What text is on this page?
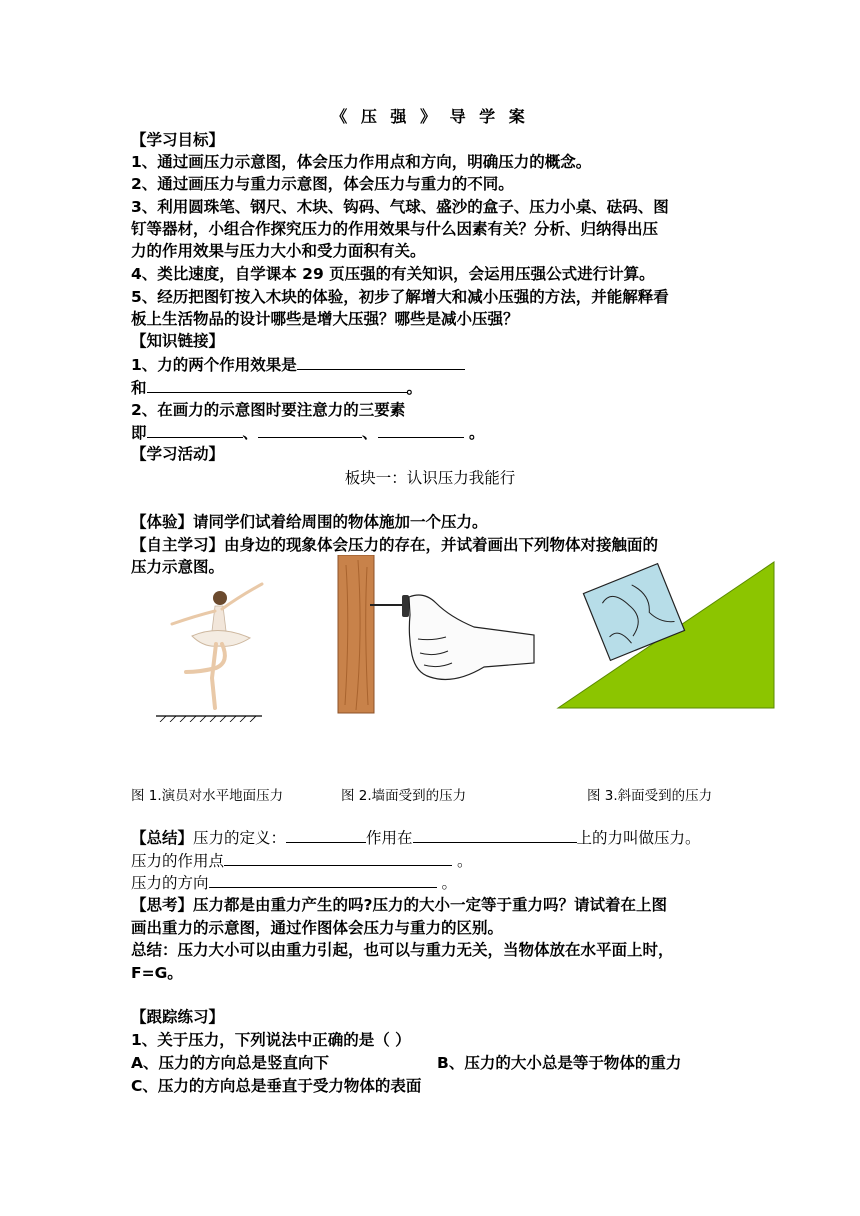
《 压 强 》 导 学 案
【学习目标】
1、通过画压力示意图，体会压力作用点和方向，明确压力的概念。
2、通过画压力与重力示意图，体会压力与重力的不同。
3、利用圆珠笔、钢尺、木块、钩码、气球、盛沙的盒子、压力小桌、砝码、图
钉等器材，小组合作探究压力的作用效果与什么因素有关？分析、归纳得出压
力的作用效果与压力大小和受力面积有关。
4、类比速度，自学课本 29 页压强的有关知识，会运用压强公式进行计算。
5、经历把图钉按入木块的体验，初步了解增大和减小压强的方法，并能解释看
板上生活物品的设计哪些是增大压强？哪些是减小压强？
【知识链接】
1、力的两个作用效果是
和	。
2、在画力的示意图时要注意力的三要素
即	、	、	。
【学习活动】
板块一：认识压力我能行
【体验】请同学们试着给周围的物体施加一个压力。
【自主学习】由身边的现象体会压力的存在，并试着画出下列物体对接触面的
压力示意图。
图 1.演员对水平地面压力	图 2.墙面受到的压力	图 3.斜面受到的压力
【总结】压力的定义：	作用在	上的力叫做压力。
压力的作用点	。
压力的方向	。
【思考】压力都是由重力产生的吗?压力的大小一定等于重力吗？请试着在上图
画出重力的示意图，通过作图体会压力与重力的区别。
总结：压力大小可以由重力引起，也可以与重力无关，当物体放在水平面上时，
F=G。
【跟踪练习】
1、关于压力，下列说法中正确的是（ ）
A、压力的方向总是竖直向下	B、压力的大小总是等于物体的重力
C、压力的方向总是垂直于受力物体的表面
